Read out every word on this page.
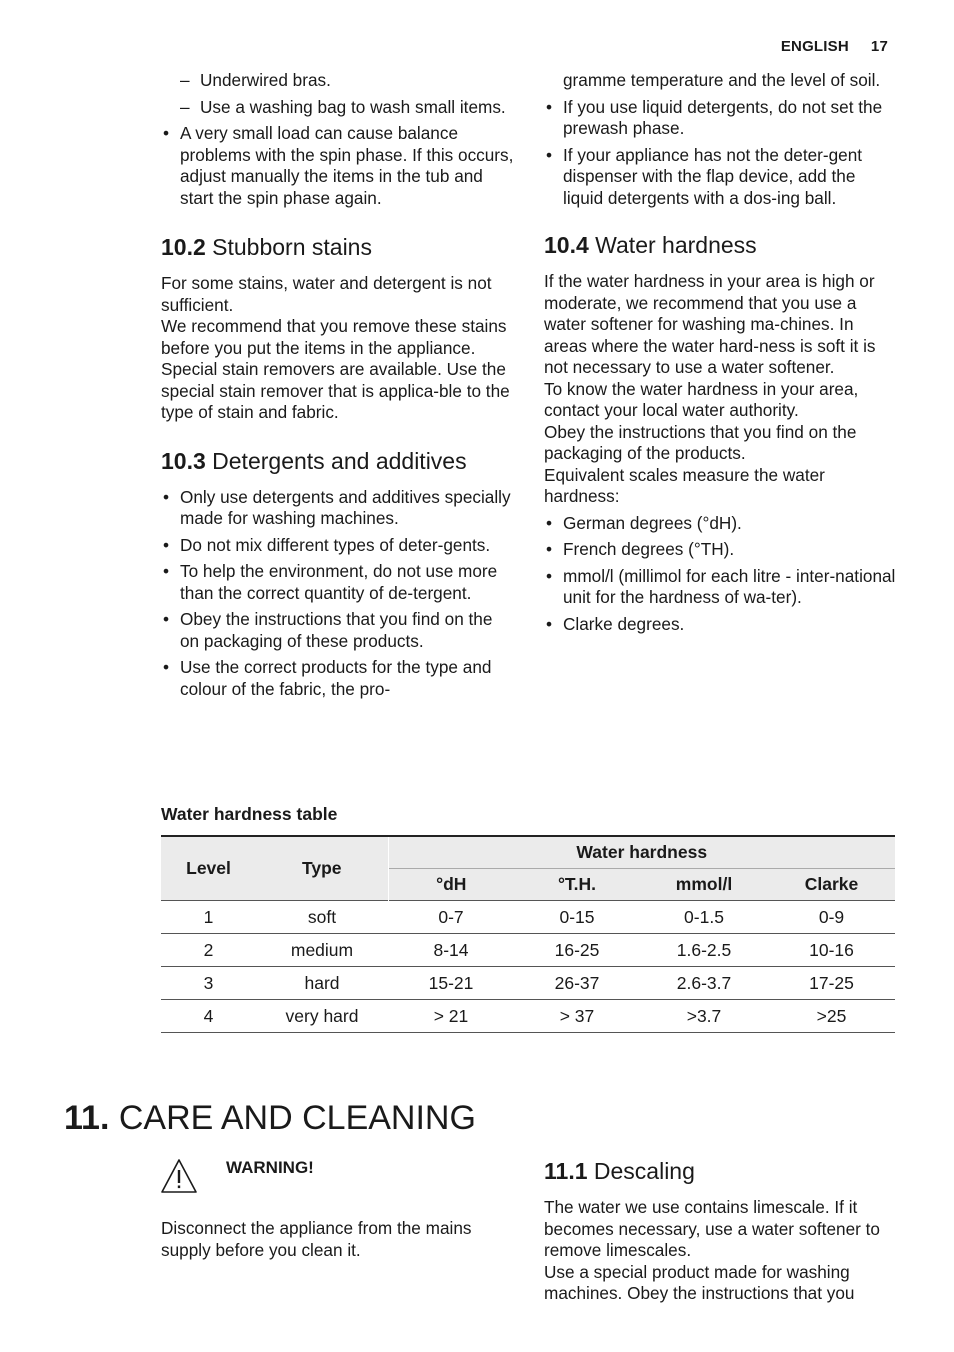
ENGLISH 17
– Underwired bras.
– Use a washing bag to wash small items.
• A very small load can cause balance problems with the spin phase. If this occurs, adjust manually the items in the tub and start the spin phase again.
10.2 Stubborn stains

For some stains, water and detergent is not sufficient.

We recommend that you remove these stains before you put the items in the appliance.

Special stain removers are available. Use the special stain remover that is applica-ble to the type of stain and fabric.

10.3 Detergents and additives
• Only use detergents and additives specially made for washing machines.
• Do not mix different types of deter-gents.
• To help the environment, do not use more than the correct quantity of de-tergent.
• Obey the instructions that you find on the on packaging of these products.
• Use the correct products for the type and colour of the fabric, the pro-
gramme temperature and the level of soil.
• If you use liquid detergents, do not set the prewash phase.
• If your appliance has not the deter-gent dispenser with the flap device, add the liquid detergents with a dos-ing ball.
10.4 Water hardness

If the water hardness in your area is high or moderate, we recommend that you use a water softener for washing ma-chines. In areas where the water hard-ness is soft it is not necessary to use a water softener.

To know the water hardness in your area, contact your local water authority.

Obey the instructions that you find on the packaging of the products.

Equivalent scales measure the water hardness:

• German degrees (°dH).
• French degrees (°TH).
• mmol/l (millimol for each litre - inter-national unit for the hardness of wa-ter).
• Clarke degrees.
Water hardness table
Level	Type	Water hardness			
		°dH	°T.H.	mmol/l	Clarke
1	soft	0-7	0-15	0-1.5	0-9
2	medium	8-14	16-25	1.6-2.5	10-16
3	hard	15-21	26-37	2.6-3.7	17-25
4	very hard	> 21	> 37	>3.7	>25
11. CARE AND CLEANING
WARNING!
Disconnect the appliance from the mains supply before you clean it.
11.1 Descaling

The water we use contains limescale. If it becomes necessary, use a water softener to remove limescales.

Use a special product made for washing machines. Obey the instructions that you
